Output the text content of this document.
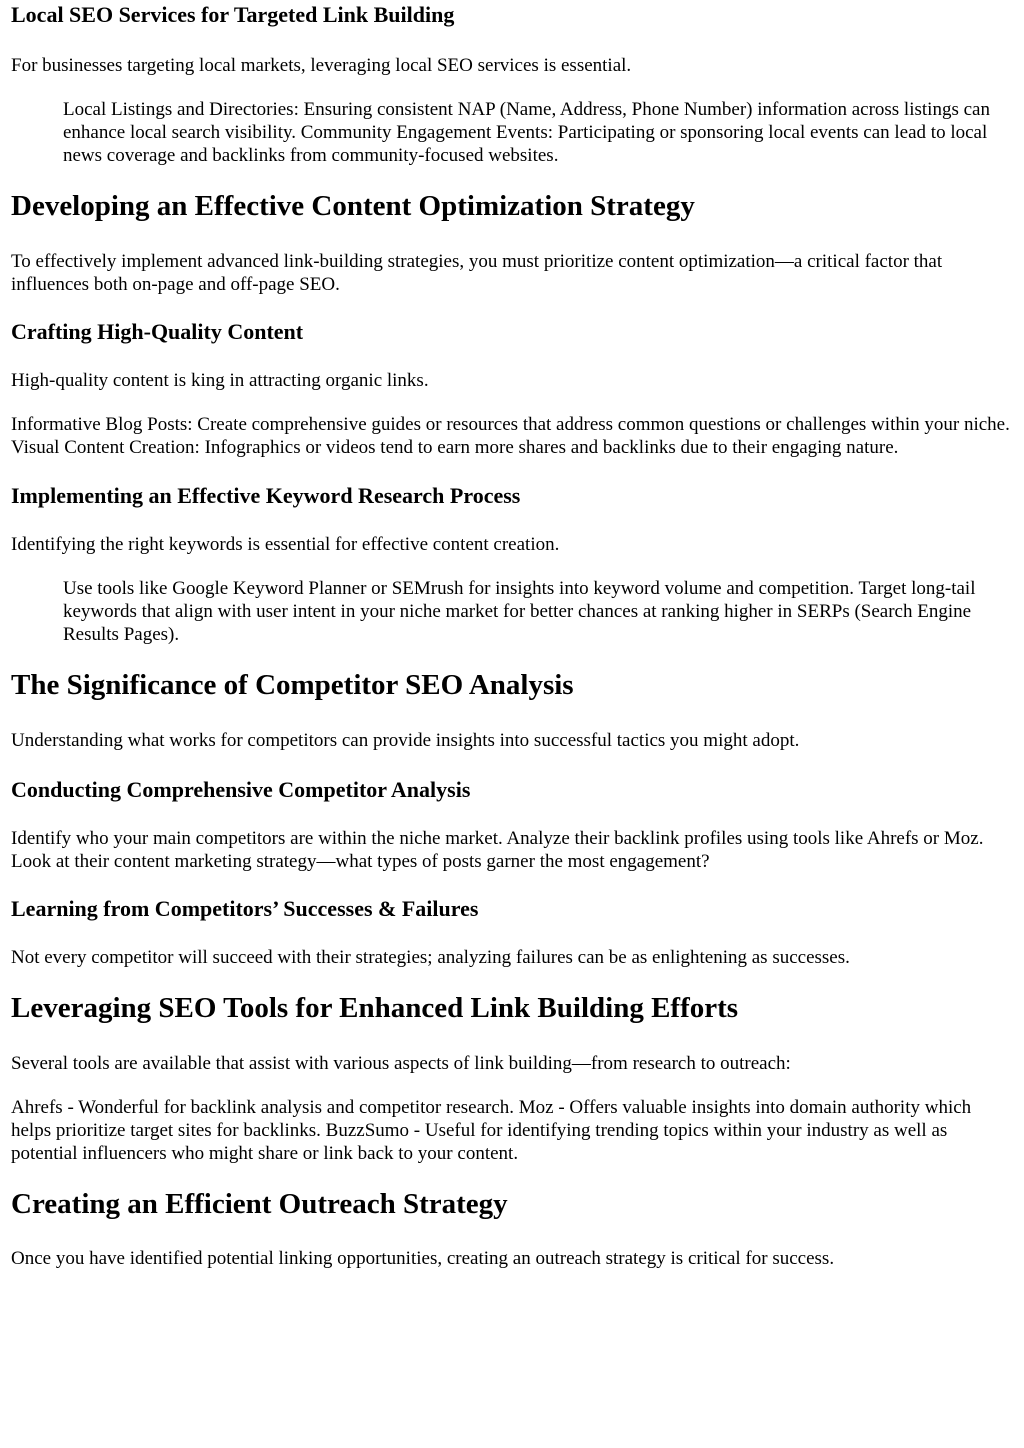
Local SEO Services for Targeted Link Building

For businesses targeting local markets, leveraging local SEO services is essential.

Local Listings and Directories: Ensuring consistent NAP (Name, Address, Phone Number) information across listings can enhance local search visibility. Community Engagement Events: Participating or sponsoring local events can lead to local news coverage and backlinks from community-focused websites.
Developing an Effective Content Optimization Strategy

To effectively implement advanced link-building strategies, you must prioritize content optimization—a critical factor that influences both on-page and off-page SEO.

Crafting High-Quality Content

High-quality content is king in attracting organic links.

Informative Blog Posts: Create comprehensive guides or resources that address common questions or challenges within your niche. Visual Content Creation: Infographics or videos tend to earn more shares and backlinks due to their engaging nature.

Implementing an Effective Keyword Research Process

Identifying the right keywords is essential for effective content creation.

Use tools like Google Keyword Planner or SEMrush for insights into keyword volume and competition. Target long-tail keywords that align with user intent in your niche market for better chances at ranking higher in SERPs (Search Engine Results Pages).
The Significance of Competitor SEO Analysis

Understanding what works for competitors can provide insights into successful tactics you might adopt.

Conducting Comprehensive Competitor Analysis

Identify who your main competitors are within the niche market. Analyze their backlink profiles using tools like Ahrefs or Moz. Look at their content marketing strategy—what types of posts garner the most engagement?

Learning from Competitors’ Successes & Failures

Not every competitor will succeed with their strategies; analyzing failures can be as enlightening as successes.

Leveraging SEO Tools for Enhanced Link Building Efforts

Several tools are available that assist with various aspects of link building—from research to outreach:

Ahrefs - Wonderful for backlink analysis and competitor research. Moz - Offers valuable insights into domain authority which helps prioritize target sites for backlinks. BuzzSumo - Useful for identifying trending topics within your industry as well as potential influencers who might share or link back to your content.

Creating an Efficient Outreach Strategy

Once you have identified potential linking opportunities, creating an outreach strategy is critical for success.
